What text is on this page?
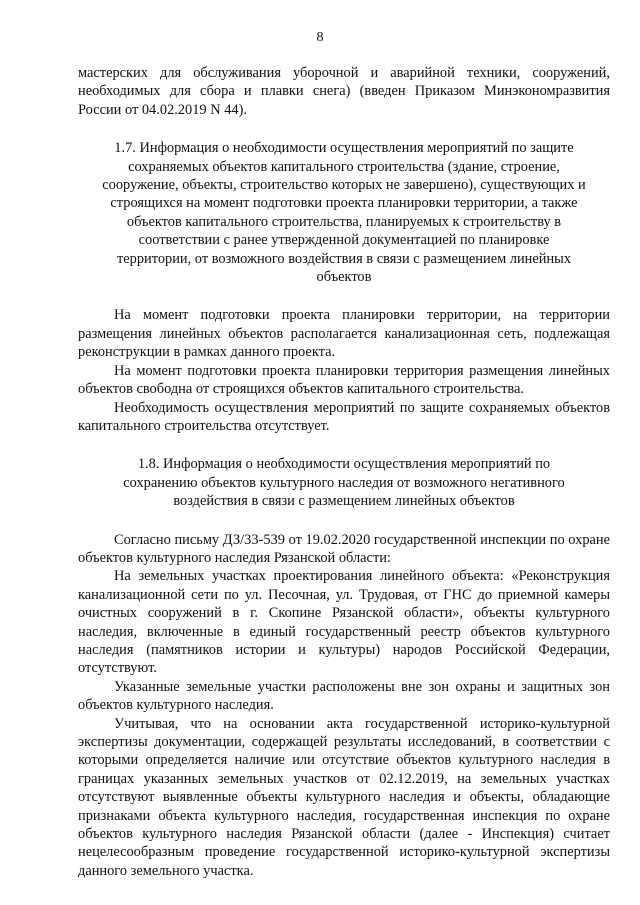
8

мастерских для обслуживания уборочной и аварийной техники, сооружений, необходимых для сбора и плавки снега) (введен Приказом Минэкономразвития России от 04.02.2019 N 44).

1.7. Информация о необходимости осуществления мероприятий по защите сохраняемых объектов капитального строительства (здание, строение, сооружение, объекты, строительство которых не завершено), существующих и строящихся на момент подготовки проекта планировки территории, а также объектов капитального строительства, планируемых к строительству в соответствии с ранее утвержденной документацией по планировке территории, от возможного воздействия в связи с размещением линейных объектов

На момент подготовки проекта планировки территории, на территории размещения линейных объектов располагается канализационная сеть, подлежащая реконструкции в рамках данного проекта.

На момент подготовки проекта планировки территория размещения линейных объектов свободна от строящихся объектов капитального строительства.

Необходимость осуществления мероприятий по защите сохраняемых объектов капитального строительства отсутствует.

1.8. Информация о необходимости осуществления мероприятий по сохранению объектов культурного наследия от возможного негативного воздействия в связи с размещением линейных объектов

Согласно письму ДЗ/33-539 от 19.02.2020 государственной инспекции по охране объектов культурного наследия Рязанской области:

На земельных участках проектирования линейного объекта: «Реконструкция канализационной сети по ул. Песочная, ул. Трудовая, от ГНС до приемной камеры очистных сооружений в г. Скопине Рязанской области», объекты культурного наследия, включенные в единый государственный реестр объектов культурного наследия (памятников истории и культуры) народов Российской Федерации, отсутствуют.

Указанные земельные участки расположены вне зон охраны и защитных зон объектов культурного наследия.

Учитывая, что на основании акта государственной историко-культурной экспертизы документации, содержащей результаты исследований, в соответствии с которыми определяется наличие или отсутствие объектов культурного наследия в границах указанных земельных участков от 02.12.2019, на земельных участках отсутствуют выявленные объекты культурного наследия и объекты, обладающие признаками объекта культурного наследия, государственная инспекция по охране объектов культурного наследия Рязанской области (далее - Инспекция) считает нецелесообразным проведение государственной историко-культурной экспертизы данного земельного участка.
